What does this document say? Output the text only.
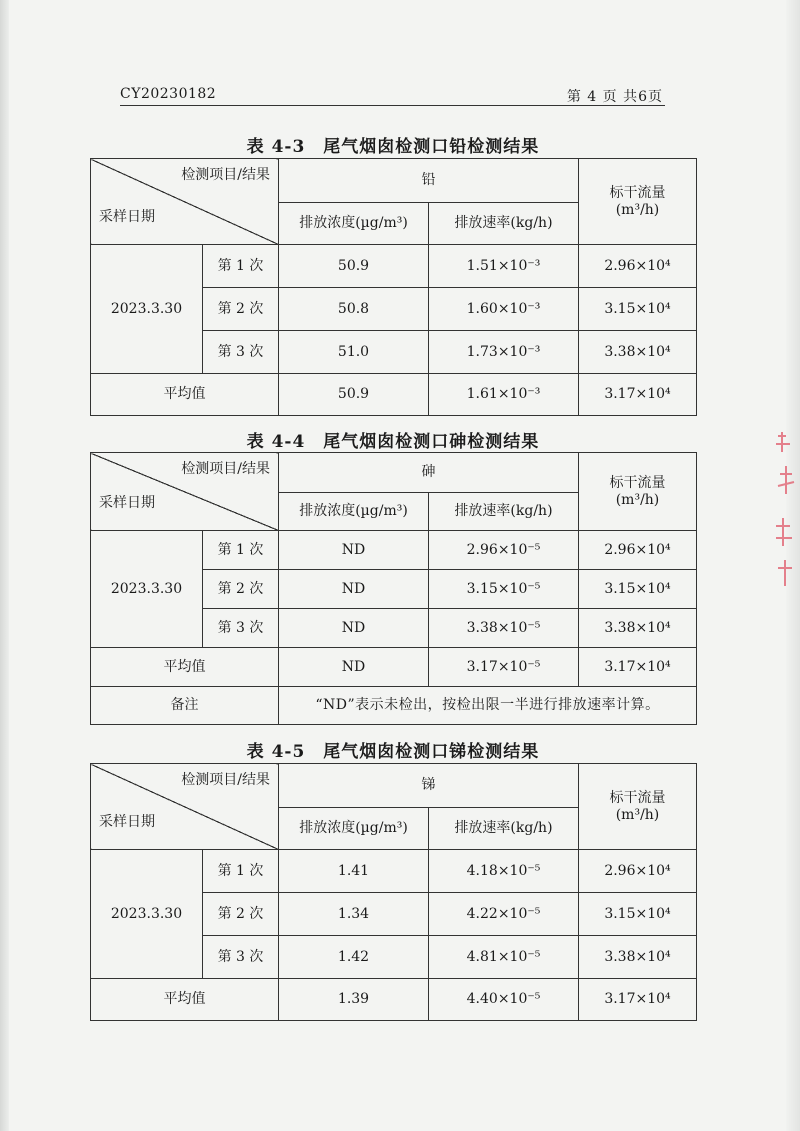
CY20230182	第 4 页 共6页
表 4-3　尾气烟囱检测口铅检测结果
检测项目/结果
采样日期		铅		标干流量
(m³/h)
		排放浓度(µg/m³)	排放速率(kg/h)	
2023.3.30	第 1 次	50.9	1.51×10⁻³	2.96×10⁴
	第 2 次	50.8	1.60×10⁻³	3.15×10⁴
	第 3 次	51.0	1.73×10⁻³	3.38×10⁴
平均值		50.9	1.61×10⁻³	3.17×10⁴
表 4-4　尾气烟囱检测口砷检测结果
检测项目/结果
采样日期		砷		标干流量
(m³/h)
		排放浓度(µg/m³)	排放速率(kg/h)	
2023.3.30	第 1 次	ND	2.96×10⁻⁵	2.96×10⁴
	第 2 次	ND	3.15×10⁻⁵	3.15×10⁴
	第 3 次	ND	3.38×10⁻⁵	3.38×10⁴
平均值		ND	3.17×10⁻⁵	3.17×10⁴
备注		“ND”表示未检出，按检出限一半进行排放速率计算。		
表 4-5　尾气烟囱检测口锑检测结果
检测项目/结果
采样日期		锑		标干流量
(m³/h)
		排放浓度(µg/m³)	排放速率(kg/h)	
2023.3.30	第 1 次	1.41	4.18×10⁻⁵	2.96×10⁴
	第 2 次	1.34	4.22×10⁻⁵	3.15×10⁴
	第 3 次	1.42	4.81×10⁻⁵	3.38×10⁴
平均值		1.39	4.40×10⁻⁵	3.17×10⁴
